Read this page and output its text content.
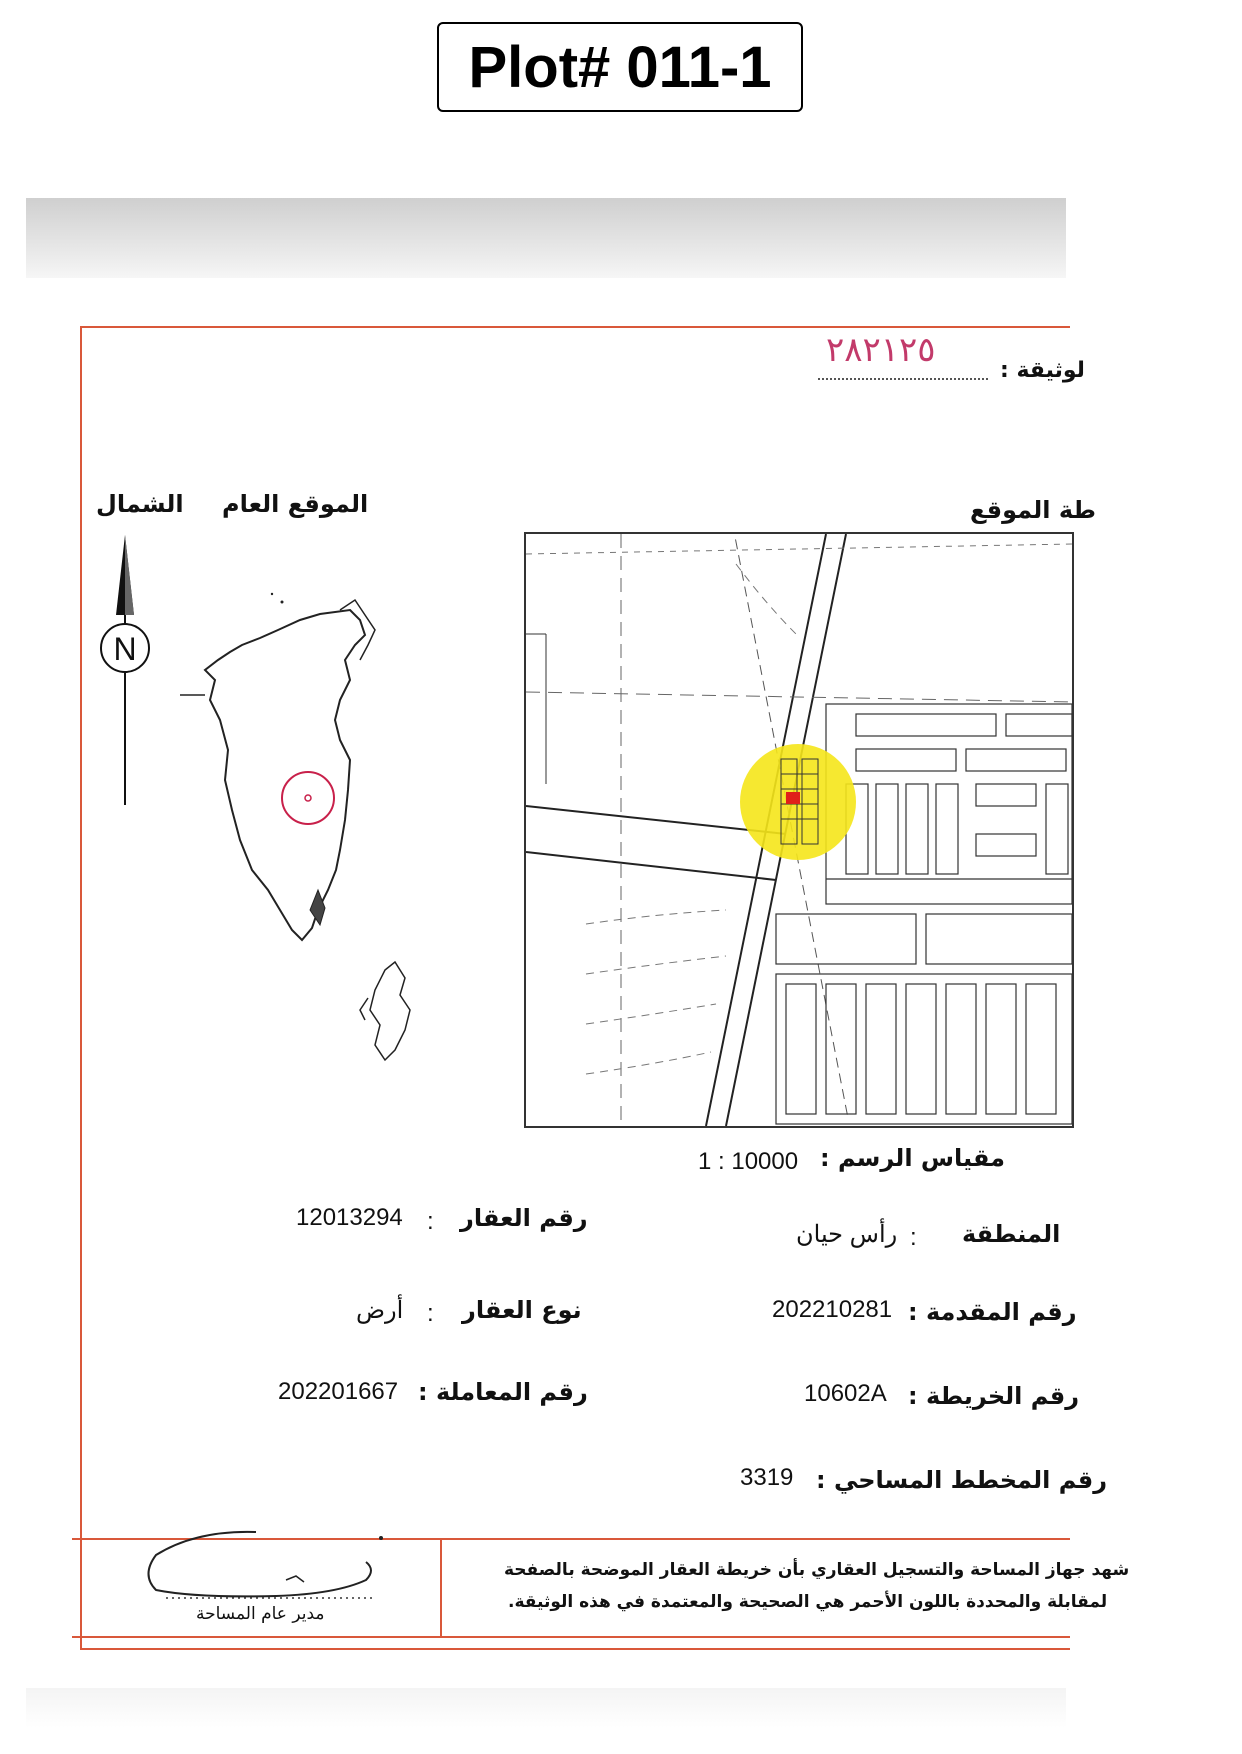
Plot# 011-1
لوثيقة :
٢٨٢١٢٥
الشمال الموقع العام	طة الموقع
N
مقياس الرسم :
1 : 10000
12013294 : رقم العقار
رأس حيان : المنطقة
أرض : نوع العقار	202210281 رقم المقدمة :
202201667 رقم المعاملة :	10602A رقم الخريطة :
3319 رقم المخطط المساحي :
شهد جهاز المساحة والتسجيل العقاري بأن خريطة العقار الموضحة بالصفحة
لمقابلة والمحددة باللون الأحمر هي الصحيحة والمعتمدة في هذه الوثيقة.
مدير عام المساحة
